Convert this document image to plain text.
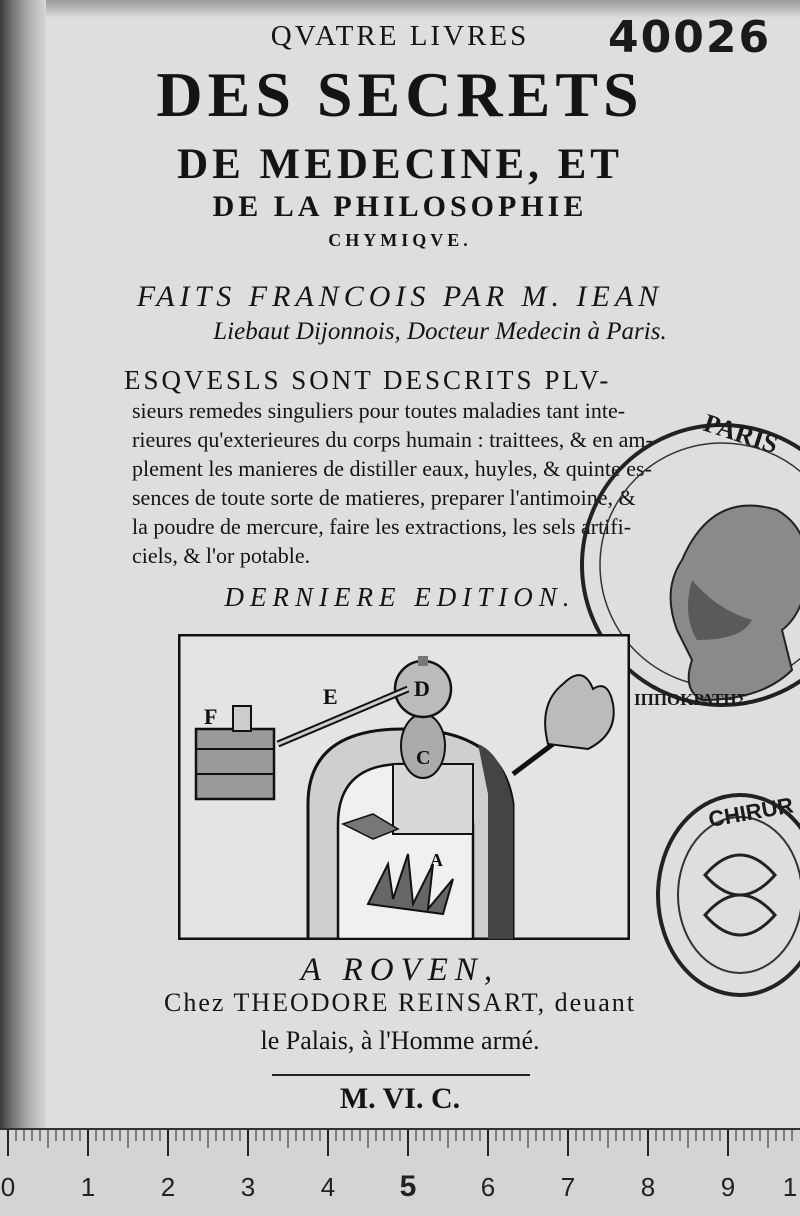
40026
QVATRE LIVRES
DES SECRETS
DE MEDECINE, ET
DE LA PHILOSOPHIE
CHYMIQVE.
FAITS FRANCOIS PAR M. IEAN
Liebaut Dijonnois, Docteur Medecin à Paris.
ESQVESLS SONT DESCRITS PLV-
sieurs remedes singuliers pour toutes maladies tant inte-
rieures qu'exterieures du corps humain : traittees, & en am-
plement les manieres de distiller eaux, huyles, & quinte es-
sences de toute sorte de matieres, preparer l'antimoine, &
la poudre de mercure, faire les extractions, les sels artifi-
ciels, & l'or potable.
DERNIERE EDITION.
PARIS
ΙΠΠΟΚΡΑΤΗΣ
F
E	D
C
A
CHIRUR
A ROVEN,
Chez THEODORE REINSART, deuant
le Palais, à l'Homme armé.
M. VI. C.
0	1	2	3	4 5 6	7	8	9 1
